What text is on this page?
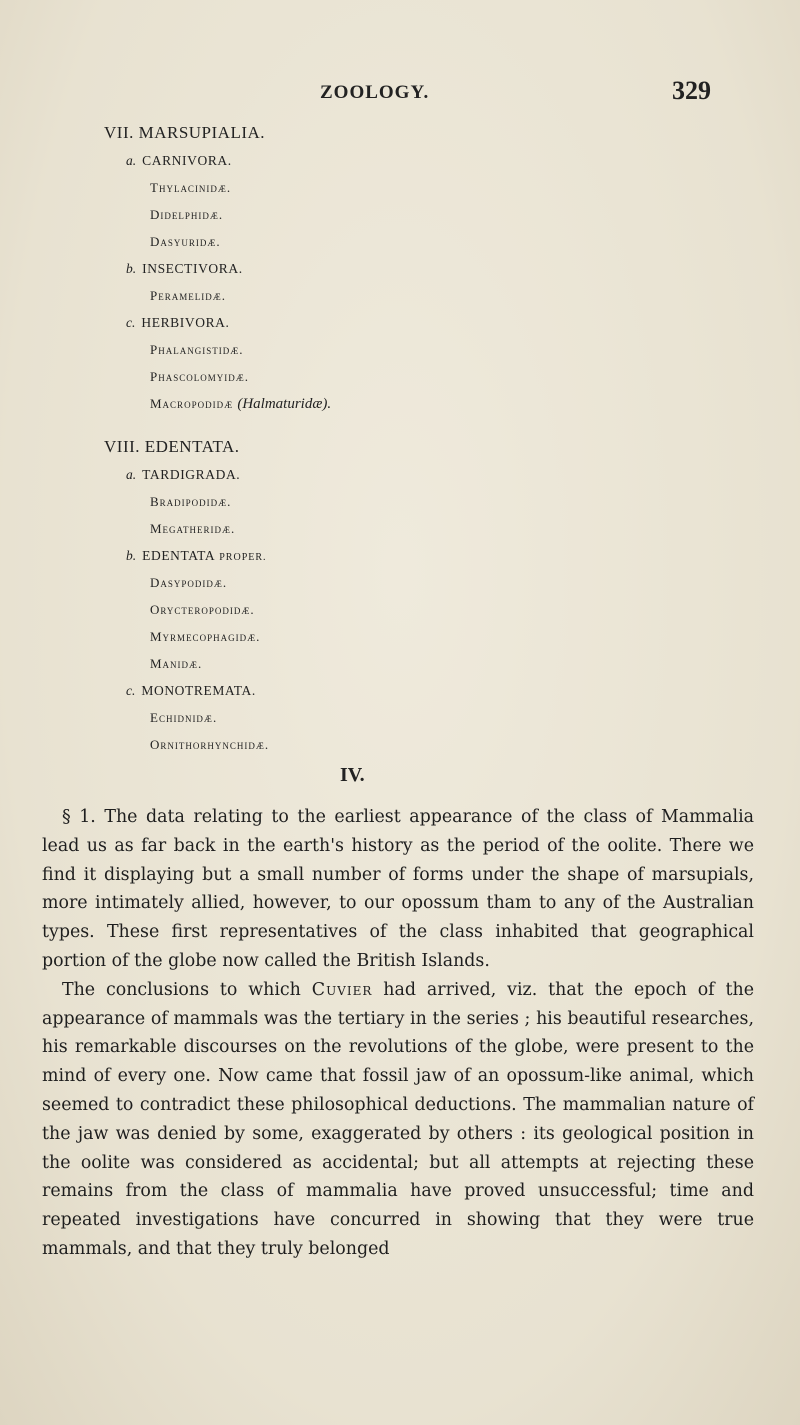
ZOOLOGY.	329
VII. MARSUPIALIA.
a. CARNIVORA.
Thylacinidæ.
Didelphidæ.
Dasyuridæ.
b. INSECTIVORA.
Peramelidæ.
c. HERBIVORA.
Phalangistidæ.
Phascolomyidæ.
Macropodidæ (Halmaturidæ).
VIII. EDENTATA.
a. TARDIGRADA.
Bradipodidæ.
Megatheridæ.
b. EDENTATA PROPER.
Dasypodidæ.
Orycteropodidæ.
Myrmecophagidæ.
Manidæ.
c. MONOTREMATA.
Echidnidæ.
Ornithorhynchidæ.
IV.

§ 1. The data relating to the earliest appearance of the class of Mammalia lead us as far back in the earth's history as the period of the oolite. There we find it displaying but a small number of forms under the shape of marsupials, more intimately allied, however, to our opossum tham to any of the Australian types. These first representatives of the class inhabited that geographical portion of the globe now called the British Islands.

The conclusions to which Cuvier had arrived, viz. that the epoch of the appearance of mammals was the tertiary in the series ; his beautiful researches, his remarkable discourses on the revolutions of the globe, were present to the mind of every one. Now came that fossil jaw of an opossum-like animal, which seemed to contradict these philosophical deductions. The mammalian nature of the jaw was denied by some, exaggerated by others : its geological position in the oolite was considered as accidental; but all attempts at rejecting these remains from the class of mammalia have proved unsuccessful; time and repeated investigations have concurred in showing that they were true mammals, and that they truly belonged
